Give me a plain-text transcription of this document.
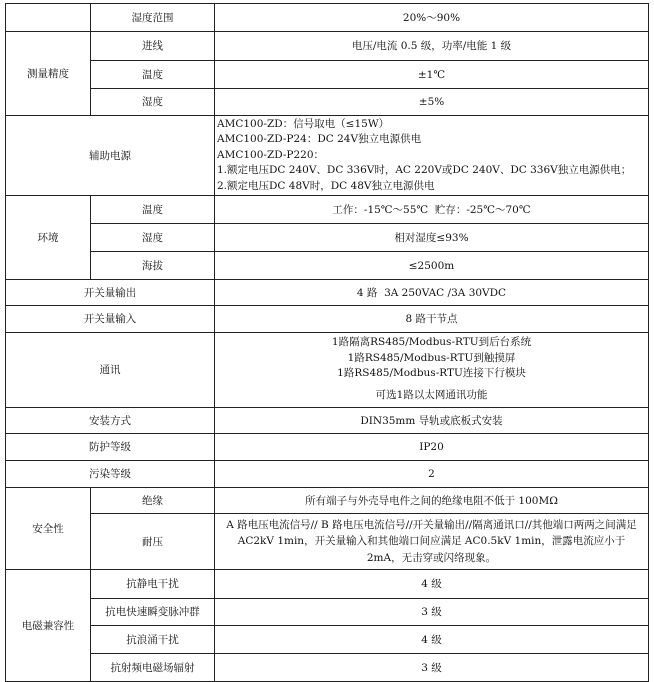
	湿度范围	20%～90%
测量精度	进线	电压/电流 0.5 级，功率/电能 1 级
	温度	±1℃
	湿度	±5%
辅助电源		AMC100-ZD：信号取电（≤15W）
AMC100-ZD-P24：DC 24V独立电源供电
AMC100-ZD-P220：
1.额定电压DC 240V、DC 336V时，AC 220V或DC 240V、DC 336V独立电源供电；
2.额定电压DC 48V时，DC 48V独立电源供电

环境	温度	工作：-15℃～55℃  贮存：-25℃～70℃
	湿度	相对湿度≤93%
	海拔	≤2500m
开关量输出		4 路  3A 250VAC /3A 30VDC
开关量输入		8 路干节点
通讯		1路隔离RS485/Modbus-RTU到后台系统
1路RS485/Modbus-RTU到触摸屏
1路RS485/Modbus-RTU连接下行模块

		可选1路以太网通讯功能
安装方式		DIN35mm 导轨或底板式安装
防护等级		IP20
污染等级		2
安全性	绝缘	所有端子与外壳导电件之间的绝缘电阻不低于 100MΩ
	耐压	A 路电压电流信号// B 路电压电流信号//开关量输出//隔离通讯口//其他端口两两之间满足AC2kV 1min，开关量输入和其他端口间应满足 AC0.5kV 1min，泄露电流应小于 2mA，无击穿或闪络现象。
电磁兼容性	抗静电干扰	4 级
	抗电快速瞬变脉冲群	3 级
	抗浪涌干扰	4 级
	抗射频电磁场辐射	3 级
